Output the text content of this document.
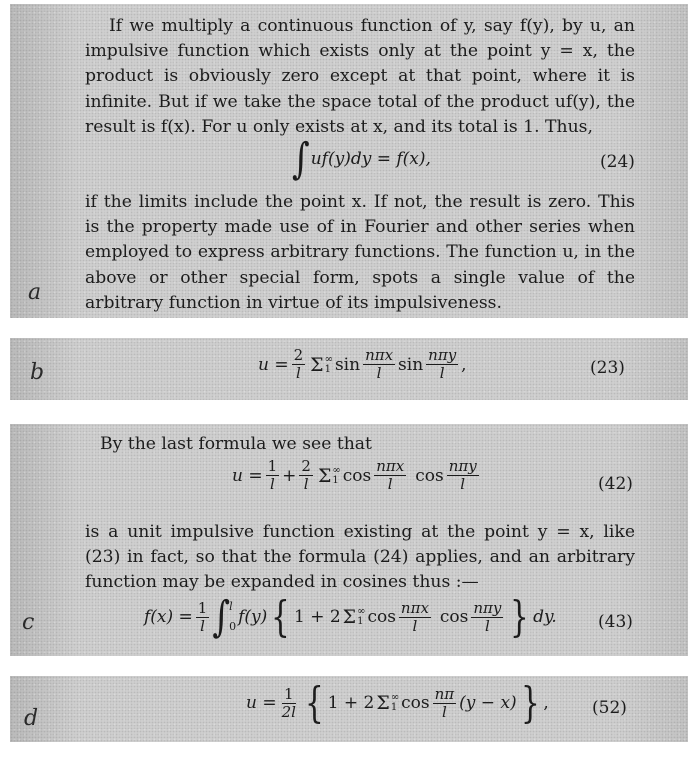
If we multiply a continuous function of y, say f(y), by u, an impulsive function which exists only at the point y = x, the product is obviously zero except at that point, where it is infinite. But if we take the space total of the product uf(y), the result is f(x). For u only exists at x, and its total is 1. Thus,
∫ uf(y)dy = f(x),	(24)
if the limits include the point x. If not, the result is zero. This is the property made use of in Fourier and other series when employed to express arbitrary functions. The function u, in the above or other special form, spots a single value of the arbitrary function in virtue of its impulsiveness.
a
$u = \frac{2}{l}$ Σ ∞
1 $\sin \frac{\text{nπx}}{l}$ $\sin \frac{\text{nπy}}{l}$ ,	(23)
b
By the last formula we see that
$u = \frac{1}{l} + \frac{2}{l}$ Σ ∞
1 $\cos \frac{\text{nπx}}{l}$ $\cos \frac{\text{nπy}}{l}$	(42)
is a unit impulsive function existing at the point y = x, like (23) in fact, so that the formula (24) applies, and an arbitrary function may be expanded in cosines thus :—
$f(x) = \frac{1}{l}$ ∫ l
0 f(y) { 1 + 2 Σ ∞
1 $\cos \frac{\text{nπx}}{l}$ $\cos \frac{\text{nπy}}{l}$ } dy. (43)
c
$u = \frac{1}{2l}$ { 1 + 2 Σ ∞
1 $\cos \frac{n\pi}{l} (y - x)$ } ,	(52)
d
